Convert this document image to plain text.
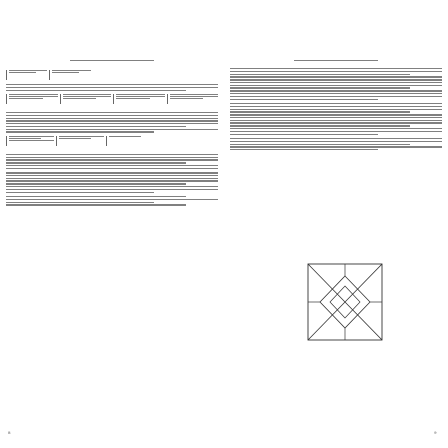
8	9
